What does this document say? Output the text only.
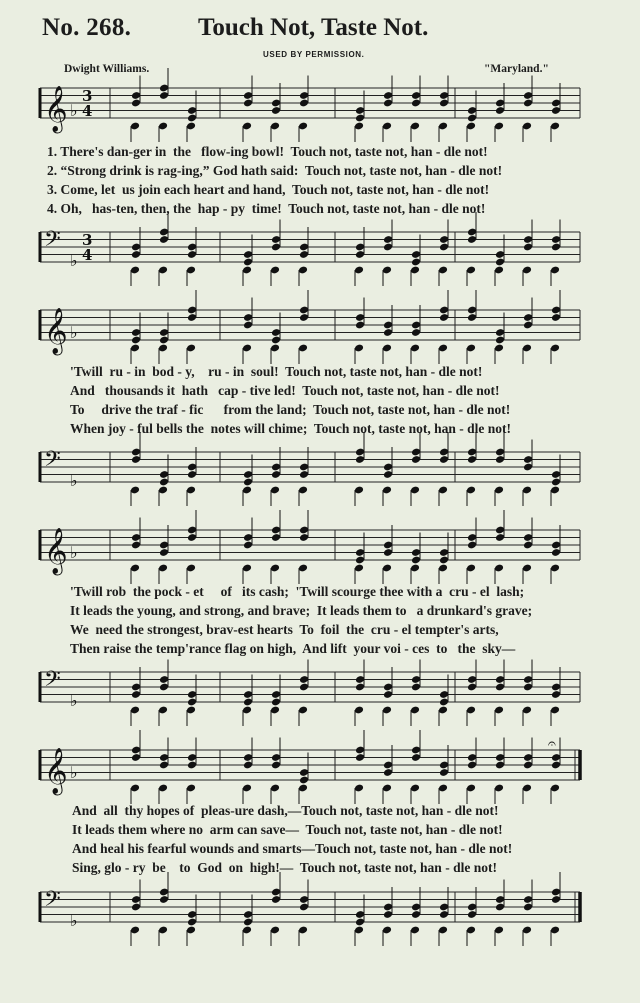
No. 268.	Touch Not, Taste Not.
USED BY PERMISSION.
Dwight Williams.	"Maryland."
𝄞 ♭
3
4
1. There's dan-ger in  the   flow-ing bowl!  Touch not, taste not, han - dle not!
2. “Strong drink is rag-ing,” God hath said:  Touch not, taste not, han - dle not!
3. Come, let  us join each heart and hand,  Touch not, taste not, han - dle not!
4. Oh,   has-ten, then, the  hap - py  time!  Touch not, taste not, han - dle not!
𝄢
♭
3
4
𝄞 ♭
'Twill  ru - in  bod - y,    ru - in  soul!  Touch not, taste not, han - dle not!
And   thousands it  hath   cap - tive led!  Touch not, taste not, han - dle not!
To     drive the traf - fic      from the land;  Touch not, taste not, han - dle not!
When joy - ful bells the  notes will chime;  Touch not, taste not, han - dle not!
𝄢
♭
𝄞 ♭
'Twill rob  the pock - et     of   its cash;  'Twill scourge thee with a  cru - el  lash;
It leads the young, and strong, and brave;  It leads them to   a drunkard's grave;
We  need the strongest, brav-est hearts  To  foil  the  cru - el tempter's arts,
Then raise the temp'rance flag on high,  And lift  your voi - ces  to   the  sky—
𝄢
♭
𝄞 ♭
𝄐
And  all  thy hopes of  pleas-ure dash,—Touch not, taste not, han - dle not!
It leads them where no  arm can save—  Touch not, taste not, han - dle not!
And heal his fearful wounds and smarts—Touch not, taste not, han - dle not!
Sing, glo - ry  be    to  God  on  high!—  Touch not, taste not, han - dle not!
𝄢
♭
